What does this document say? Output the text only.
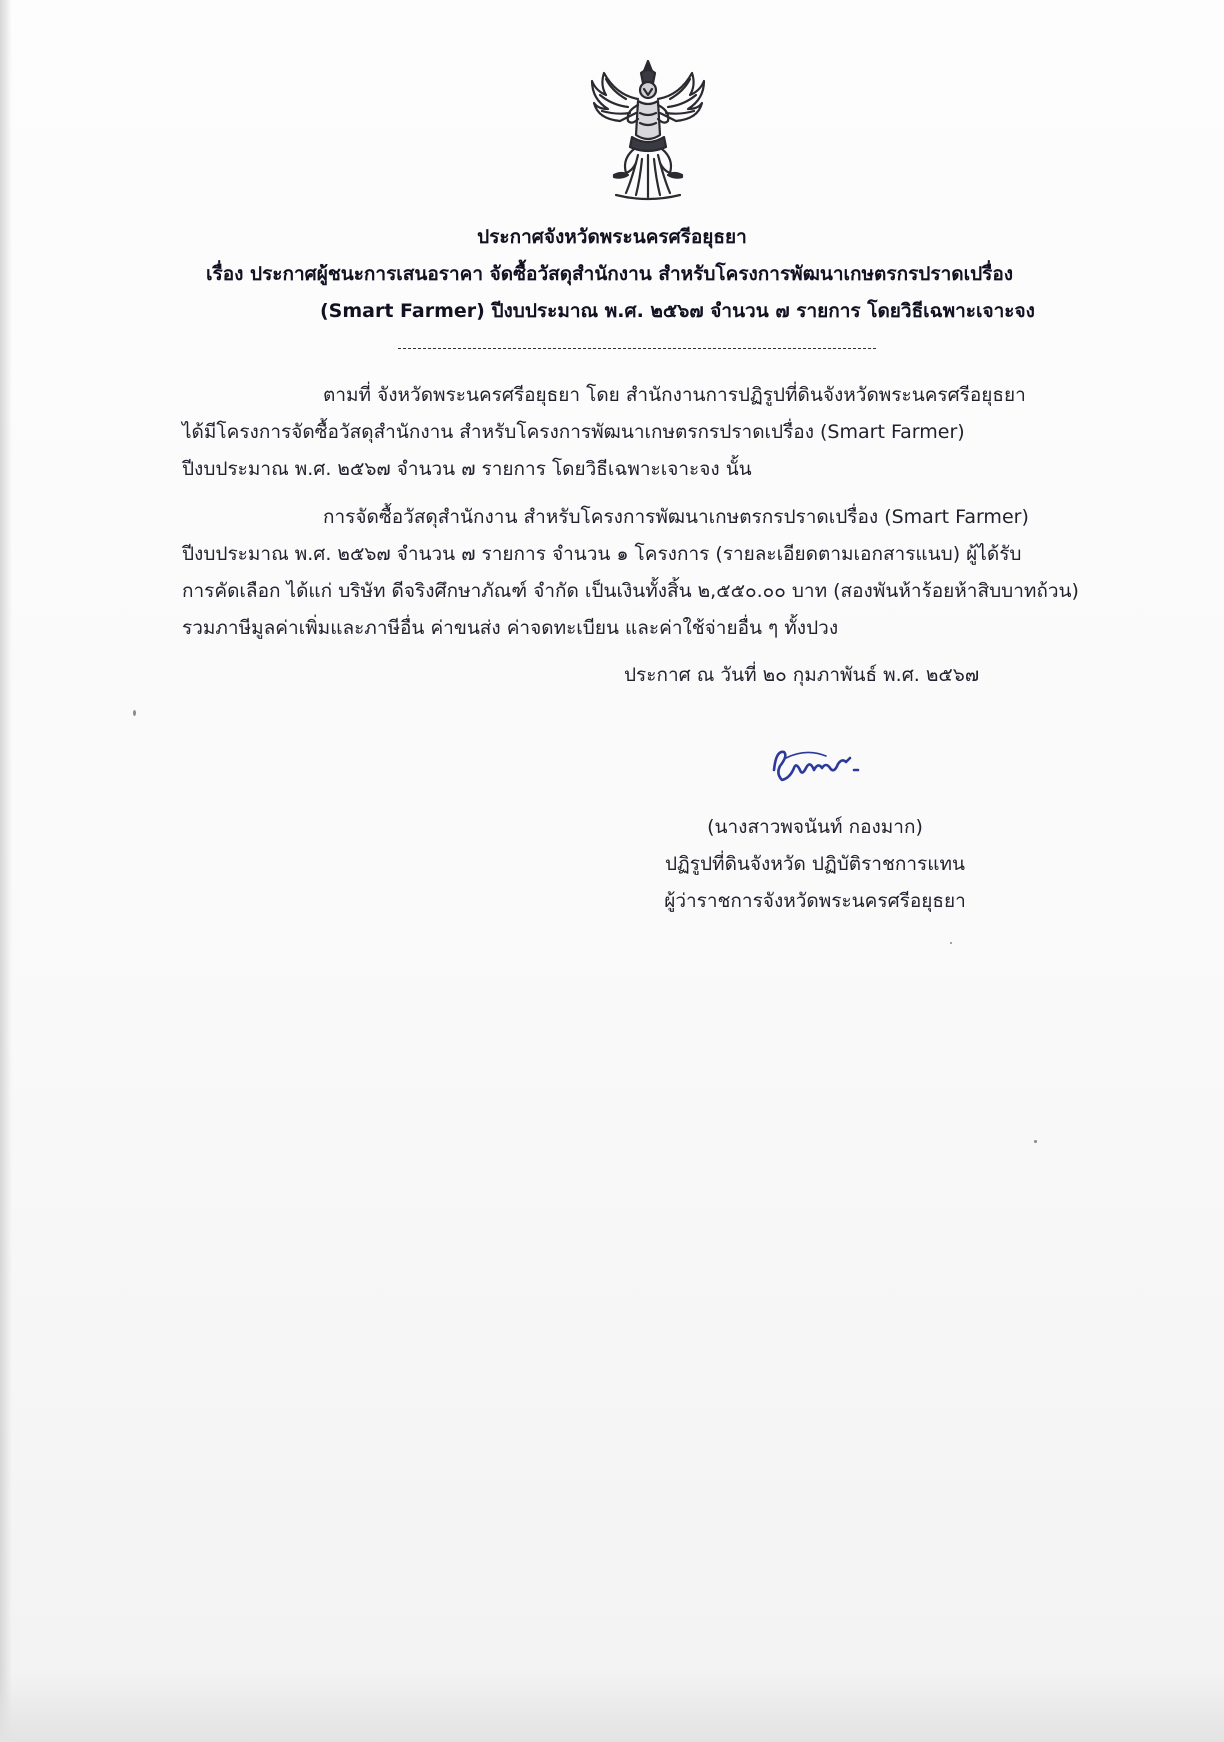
ประกาศจังหวัดพระนครศรีอยุธยา
เรื่อง ประกาศผู้ชนะการเสนอราคา จัดซื้อวัสดุสำนักงาน สำหรับโครงการพัฒนาเกษตรกรปราดเปรื่อง
(Smart Farmer) ปีงบประมาณ พ.ศ. ๒๕๖๗ จำนวน ๗ รายการ โดยวิธีเฉพาะเจาะจง
ตามที่ จังหวัดพระนครศรีอยุธยา โดย สำนักงานการปฏิรูปที่ดินจังหวัดพระนครศรีอยุธยา
ได้มีโครงการจัดซื้อวัสดุสำนักงาน สำหรับโครงการพัฒนาเกษตรกรปราดเปรื่อง (Smart Farmer)
ปีงบประมาณ พ.ศ. ๒๕๖๗ จำนวน ๗ รายการ โดยวิธีเฉพาะเจาะจง นั้น
การจัดซื้อวัสดุสำนักงาน สำหรับโครงการพัฒนาเกษตรกรปราดเปรื่อง (Smart Farmer)
ปีงบประมาณ พ.ศ. ๒๕๖๗ จำนวน ๗ รายการ จำนวน ๑ โครงการ (รายละเอียดตามเอกสารแนบ) ผู้ได้รับ
การคัดเลือก ได้แก่ บริษัท ดีจริงศึกษาภัณฑ์ จำกัด เป็นเงินทั้งสิ้น ๒,๕๕๐.๐๐ บาท (สองพันห้าร้อยห้าสิบบาทถ้วน)
รวมภาษีมูลค่าเพิ่มและภาษีอื่น ค่าขนส่ง ค่าจดทะเบียน และค่าใช้จ่ายอื่น ๆ ทั้งปวง
ประกาศ ณ วันที่ ๒๐ กุมภาพันธ์ พ.ศ. ๒๕๖๗
(นางสาวพจนันท์ กองมาก)
ปฏิรูปที่ดินจังหวัด ปฏิบัติราชการแทน
ผู้ว่าราชการจังหวัดพระนครศรีอยุธยา
